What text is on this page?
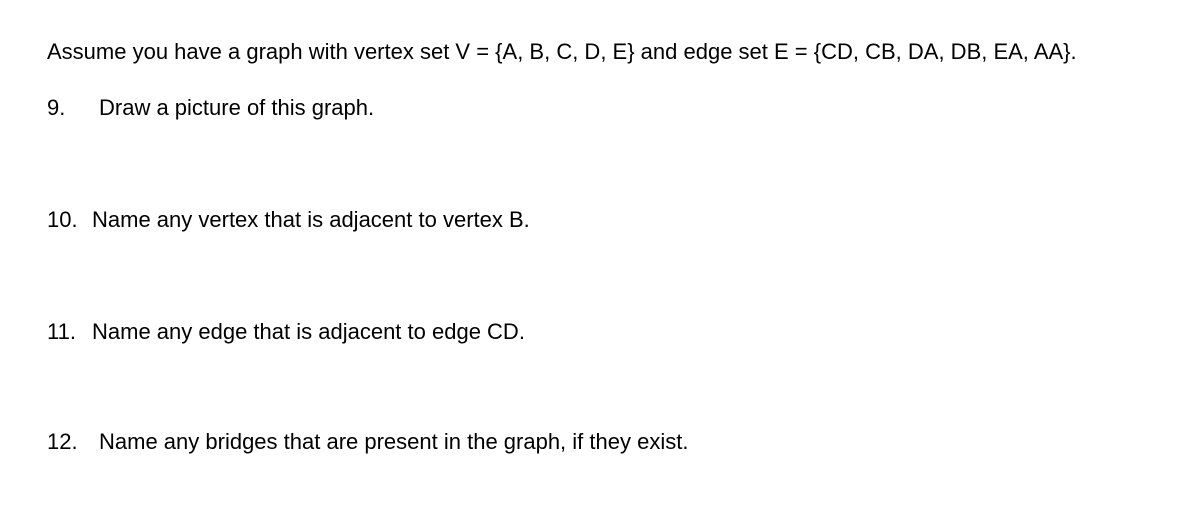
Assume you have a graph with vertex set V = {A, B, C, D, E} and edge set E = {CD, CB, DA, DB, EA, AA}.
9. Draw a picture of this graph.
10. Name any vertex that is adjacent to vertex B.
11. Name any edge that is adjacent to edge CD.
12. Name any bridges that are present in the graph, if they exist.
